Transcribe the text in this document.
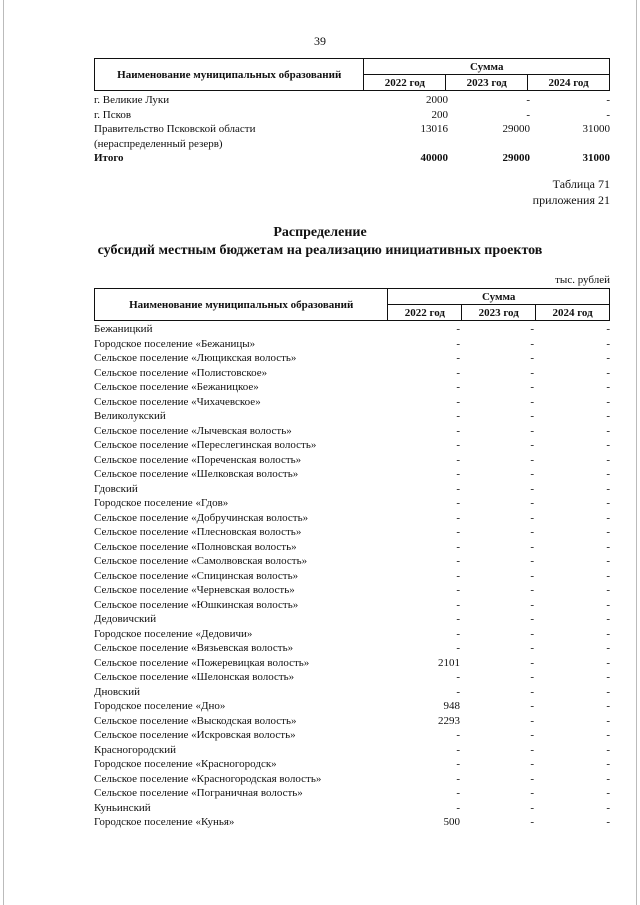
39
Наименование муниципальных образований	Сумма		
	2022 год	2023 год	2024 год
г. Великие Луки	2000	-	-
г. Псков	200	-	-
Правительство Псковской области	13016	29000	31000
(нераспределенный резерв)
Итого	40000	29000	31000
Таблица 71
приложения 21
Распределение
субсидий местным бюджетам на реализацию инициативных проектов
тыс. рублей
Наименование муниципальных образований	Сумма		
	2022 год	2023 год	2024 год
Бежаницкий	-	-	-
Городское поселение «Бежаницы»	-	-	-
Сельское поселение «Лющикская волость»	-	-	-
Сельское поселение «Полистовское»	-	-	-
Сельское поселение «Бежаницкое»	-	-	-
Сельское поселение «Чихачевское»	-	-	-
Великолукский	-	-	-
Сельское поселение «Лычевская волость»	-	-	-
Сельское поселение «Переслегинская волость»	-	-	-
Сельское поселение «Пореченская волость»	-	-	-
Сельское поселение «Шелковская волость»	-	-	-
Гдовский	-	-	-
Городское поселение «Гдов»	-	-	-
Сельское поселение «Добручинская волость»	-	-	-
Сельское поселение «Плесновская волость»	-	-	-
Сельское поселение «Полновская волость»	-	-	-
Сельское поселение «Самолвовская волость»	-	-	-
Сельское поселение «Спицинская волость»	-	-	-
Сельское поселение «Черневская волость»	-	-	-
Сельское поселение «Юшкинская волость»	-	-	-
Дедовичский	-	-	-
Городское поселение «Дедовичи»	-	-	-
Сельское поселение «Вязьевская волость»	-	-	-
Сельское поселение «Пожеревицкая волость»	2101	-	-
Сельское поселение «Шелонская волость»	-	-	-
Дновский	-	-	-
Городское поселение «Дно»	948	-	-
Сельское поселение «Выскодская волость»	2293	-	-
Сельское поселение «Искровская волость»	-	-	-
Красногородский	-	-	-
Городское поселение «Красногородск»	-	-	-
Сельское поселение «Красногородская волость»	-	-	-
Сельское поселение «Пограничная волость»	-	-	-
Куньинский	-	-	-
Городское поселение «Кунья»	500	-	-
